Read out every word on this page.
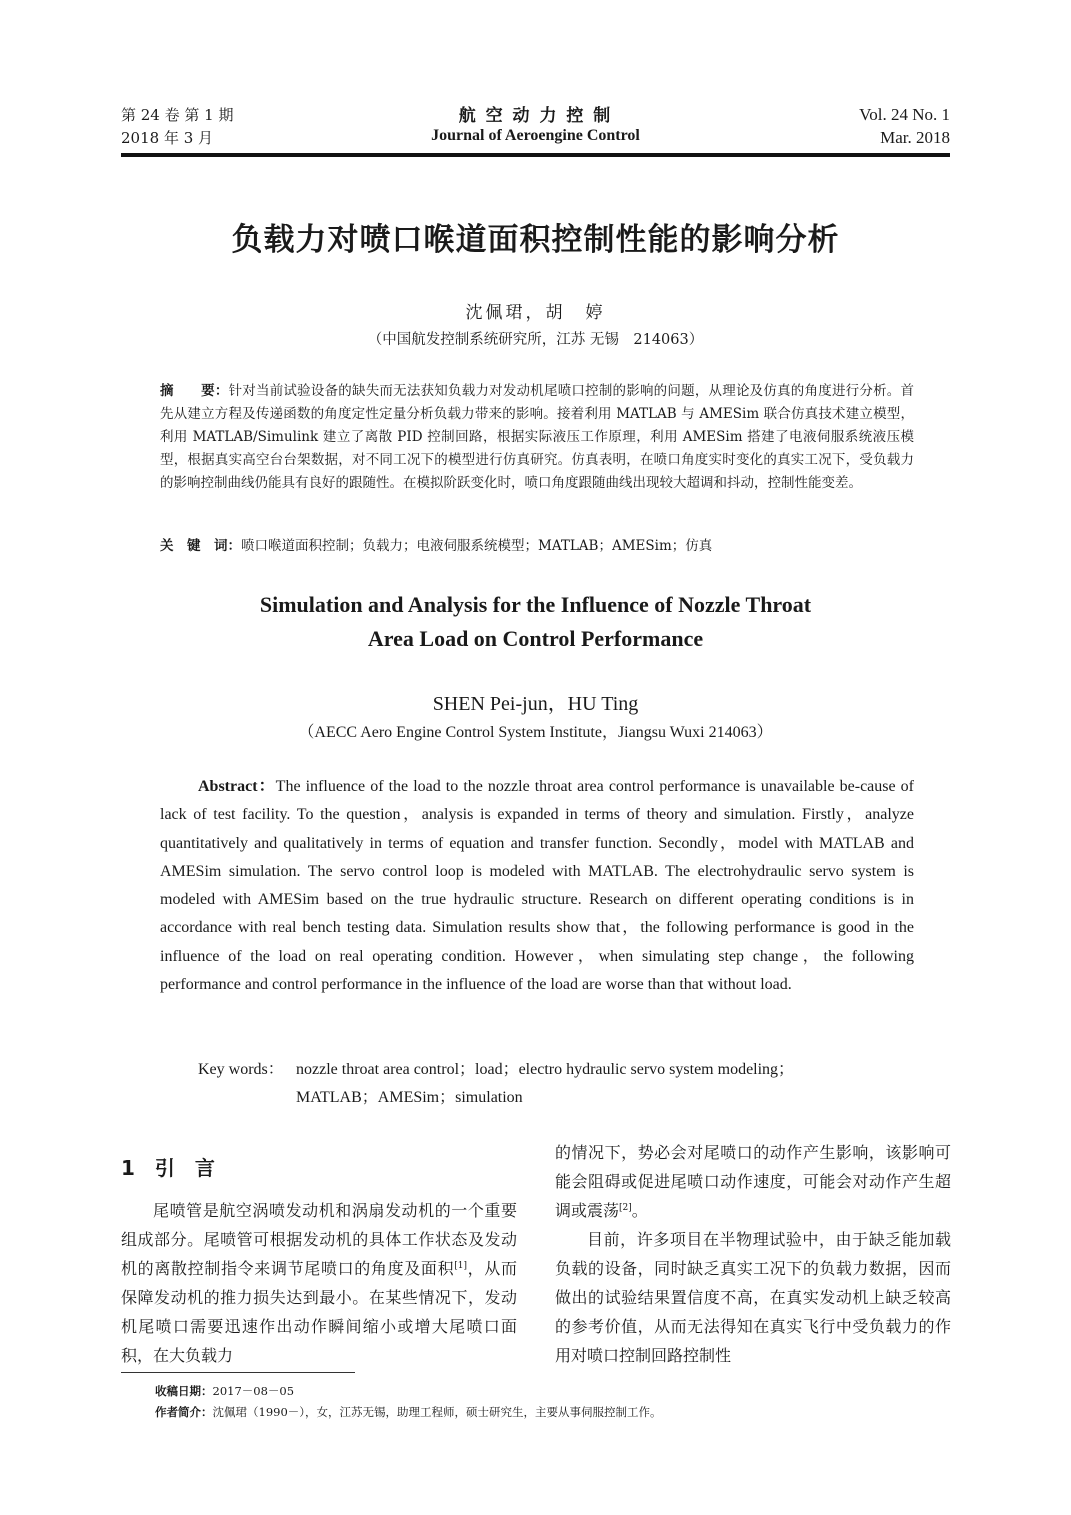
第 24 卷 第 1 期
2018 年 3 月
航 空 动 力 控 制
Journal of Aeroengine Control
Vol. 24 No. 1
Mar. 2018
负载力对喷口喉道面积控制性能的影响分析
沈佩珺，胡　婷
（中国航发控制系统研究所，江苏 无锡　214063）
摘　　要：针对当前试验设备的缺失而无法获知负载力对发动机尾喷口控制的影响的问题，从理论及仿真的角度进行分析。首先从建立方程及传递函数的角度定性定量分析负载力带来的影响。接着利用 MATLAB 与 AMESim 联合仿真技术建立模型，利用 MATLAB/Simulink 建立了离散 PID 控制回路，根据实际液压工作原理，利用 AMESim 搭建了电液伺服系统液压模型，根据真实高空台台架数据，对不同工况下的模型进行仿真研究。仿真表明，在喷口角度实时变化的真实工况下，受负载力的影响控制曲线仍能具有良好的跟随性。在模拟阶跃变化时，喷口角度跟随曲线出现较大超调和抖动，控制性能变差。
关　键　词：喷口喉道面积控制；负载力；电液伺服系统模型；MATLAB；AMESim；仿真
Simulation and Analysis for the Influence of Nozzle Throat
Area Load on Control Performance
SHEN Pei-jun，HU Ting
（AECC Aero Engine Control System Institute，Jiangsu Wuxi 214063）
Abstract：The influence of the load to the nozzle throat area control performance is unavailable be-cause of lack of test facility. To the question，analysis is expanded in terms of theory and simulation. Firstly，analyze quantitatively and qualitatively in terms of equation and transfer function. Secondly，model with MATLAB and AMESim simulation. The servo control loop is modeled with MATLAB. The electrohydraulic servo system is modeled with AMESim based on the true hydraulic structure. Research on different operating conditions is in accordance with real bench testing data. Simulation results show that，the following performance is good in the influence of the load on real operating condition. However，when simulating step change，the following performance and control performance in the influence of the load are worse than that without load.
Key words： nozzle throat area control；load；electro hydraulic servo system modeling；
MATLAB；AMESim；simulation
1　引　言
尾喷管是航空涡喷发动机和涡扇发动机的一个重要组成部分。尾喷管可根据发动机的具体工作状态及发动机的离散控制指令来调节尾喷口的角度及面积[1]，从而保障发动机的推力损失达到最小。在某些情况下，发动机尾喷口需要迅速作出动作瞬间缩小或增大尾喷口面积，在大负载力
的情况下，势必会对尾喷口的动作产生影响，该影响可能会阻碍或促进尾喷口动作速度，可能会对动作产生超调或震荡[2]。
目前，许多项目在半物理试验中，由于缺乏能加载负载的设备，同时缺乏真实工况下的负载力数据，因而做出的试验结果置信度不高，在真实发动机上缺乏较高的参考价值，从而无法得知在真实飞行中受负载力的作用对喷口控制回路控制性
收稿日期：2017－08－05
作者简介：沈佩珺（1990－），女，江苏无锡，助理工程师，硕士研究生，主要从事伺服控制工作。
